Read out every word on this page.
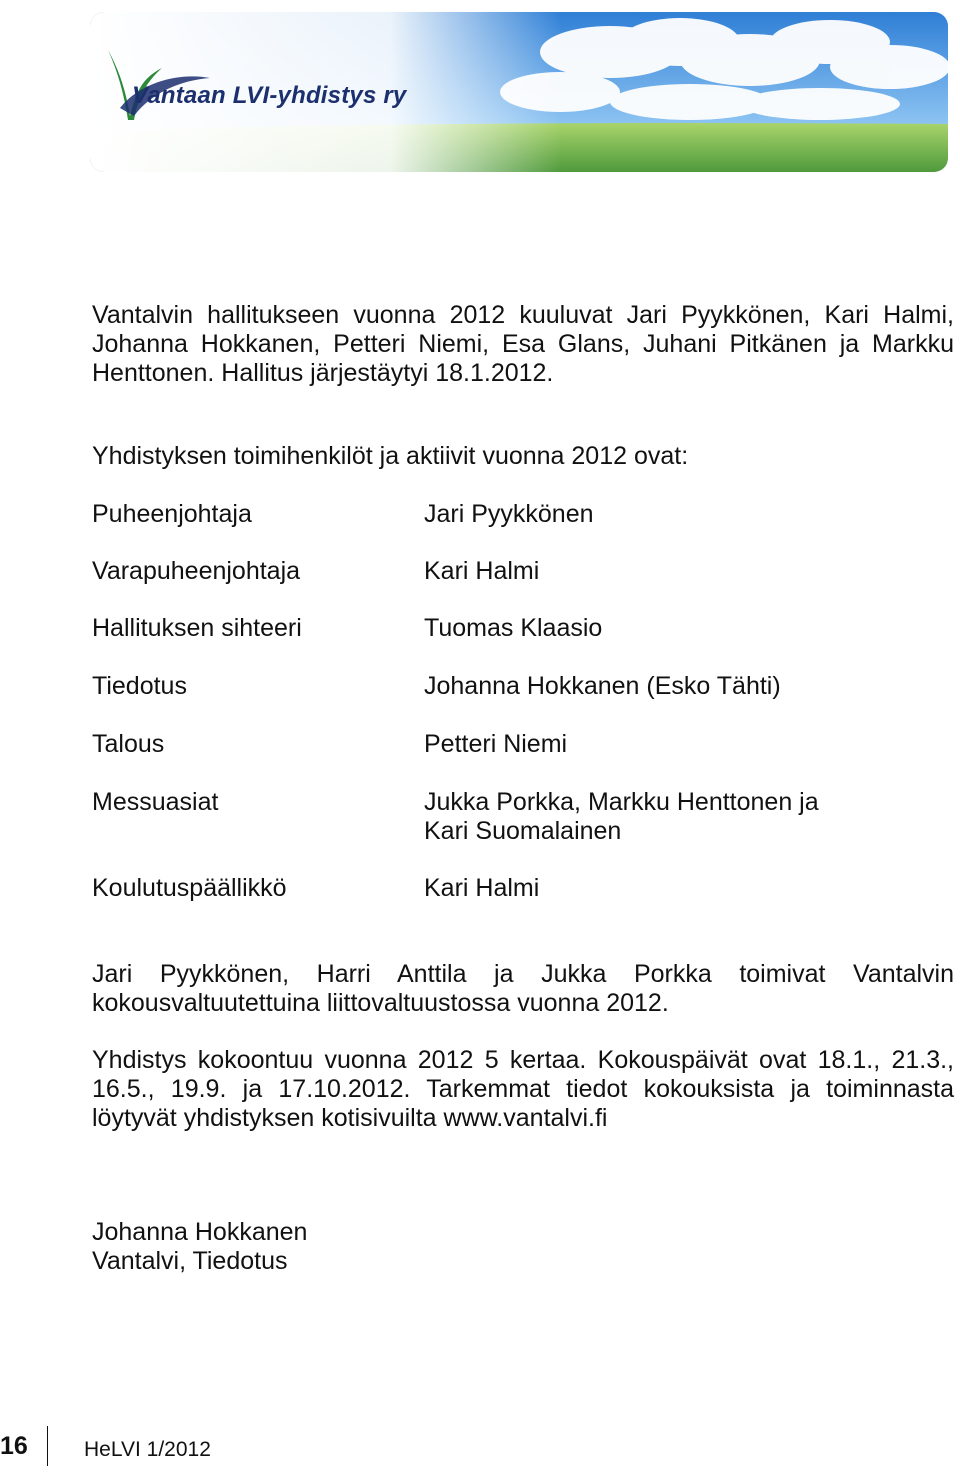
Vantaan LVI-yhdistys ry
Vantalvin hallitukseen vuonna 2012 kuuluvat Jari Pyykkönen, Kari Halmi, Johanna Hokkanen, Petteri Niemi, Esa Glans, Juhani Pitkänen ja Markku Henttonen. Hallitus järjestäytyi 18.1.2012.
Yhdistyksen toimihenkilöt ja aktiivit vuonna 2012 ovat:
Puheenjohtaja	Jari Pyykkönen
Varapuheenjohtaja	Kari Halmi
Hallituksen sihteeri	Tuomas Klaasio
Tiedotus	Johanna Hokkanen (Esko Tähti)
Talous	Petteri Niemi
Messuasiat	Jukka Porkka, Markku Henttonen ja Kari Suomalainen
Koulutuspäällikkö	Kari Halmi
Jari Pyykkönen, Harri Anttila ja Jukka Porkka toimivat Vantalvin kokousvaltuutettuina liittovaltuustossa vuonna 2012.
Yhdistys kokoontuu vuonna 2012 5 kertaa. Kokouspäivät ovat 18.1., 21.3., 16.5., 19.9. ja 17.10.2012. Tarkemmat tiedot kokouksista ja toiminnasta löytyvät yhdistyksen kotisivuilta www.vantalvi.fi
Johanna Hokkanen
Vantalvi, Tiedotus
16	HeLVI 1/2012
